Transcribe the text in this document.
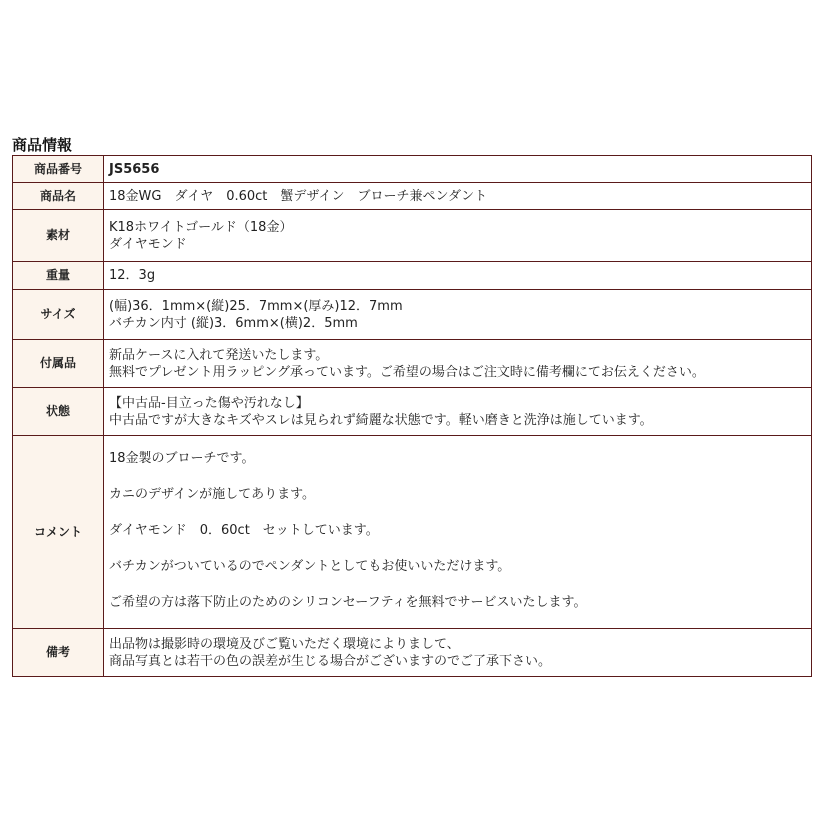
商品情報
商品番号	JS5656

商品名	18金WG　ダイヤ　0.60ct　蟹デザイン　ブローチ兼ペンダント

素材	K18ホワイトゴールド（18金）
ダイヤモンド

重量	12．3g

サイズ	(幅)36．1mm×(縦)25．7mm×(厚み)12．7mm
バチカン内寸 (縦)3．6mm×(横)2．5mm

付属品	新品ケースに入れて発送いたします。
無料でプレゼント用ラッピング承っています。ご希望の場合はご注文時に備考欄にてお伝えください。

状態	【中古品-目立った傷や汚れなし】
中古品ですが大きなキズやスレは見られず綺麗な状態です。軽い磨きと洗浄は施しています。

コメント	18金製のブローチです。
カニのデザインが施してあります。
ダイヤモンド　0．60ct　セットしています。
バチカンがついているのでペンダントとしてもお使いいただけます。
ご希望の方は落下防止のためのシリコンセーフティを無料でサービスいたします。

備考	出品物は撮影時の環境及びご覧いただく環境によりまして、
商品写真とは若干の色の誤差が生じる場合がございますのでご了承下さい。
